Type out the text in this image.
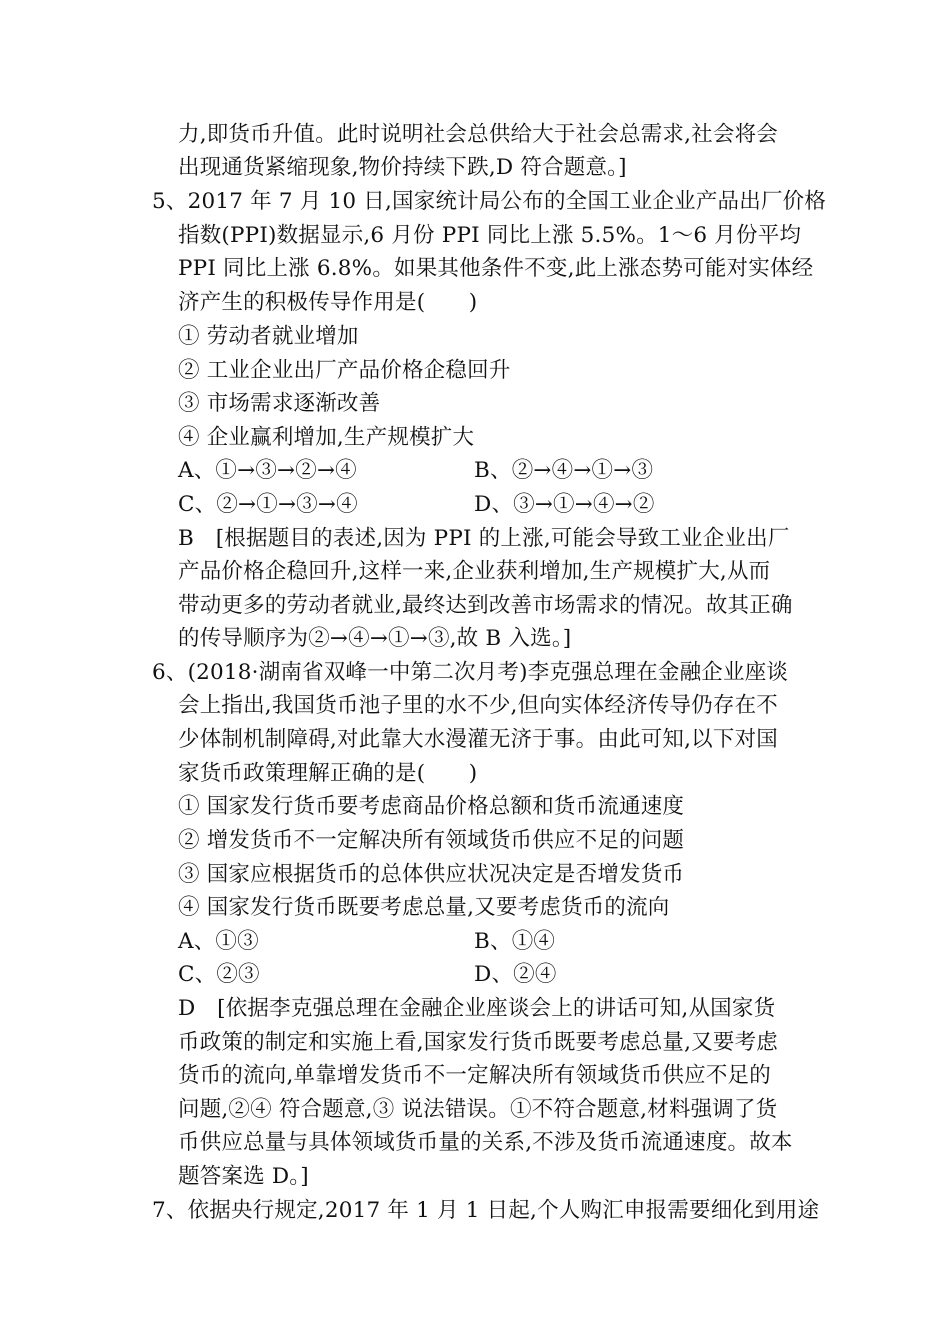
力,即货币升值。此时说明社会总供给大于社会总需求,社会将会
出现通货紧缩现象,物价持续下跌,D 符合题意。]
5、2017 年 7 月 10 日,国家统计局公布的全国工业企业产品出厂价格
指数(PPI)数据显示,6 月份 PPI 同比上涨 5.5%。1～6 月份平均
PPI 同比上涨 6.8%。如果其他条件不变,此上涨态势可能对实体经
济产生的积极传导作用是(　　)
① 劳动者就业增加
② 工业企业出厂产品价格企稳回升
③ 市场需求逐渐改善
④ 企业赢利增加,生产规模扩大
A、①→③→②→④	B、②→④→①→③
C、②→①→③→④	D、③→①→④→②
B　[根据题目的表述,因为 PPI 的上涨,可能会导致工业企业出厂
产品价格企稳回升,这样一来,企业获利增加,生产规模扩大,从而
带动更多的劳动者就业,最终达到改善市场需求的情况。故其正确
的传导顺序为②→④→①→③,故 B 入选。]
6、(2018·湖南省双峰一中第二次月考)李克强总理在金融企业座谈
会上指出,我国货币池子里的水不少,但向实体经济传导仍存在不
少体制机制障碍,对此靠大水漫灌无济于事。由此可知,以下对国
家货币政策理解正确的是(　　)
① 国家发行货币要考虑商品价格总额和货币流通速度
② 增发货币不一定解决所有领域货币供应不足的问题
③ 国家应根据货币的总体供应状况决定是否增发货币
④ 国家发行货币既要考虑总量,又要考虑货币的流向
A、①③	B、①④
C、②③	D、②④
D　[依据李克强总理在金融企业座谈会上的讲话可知,从国家货
币政策的制定和实施上看,国家发行货币既要考虑总量,又要考虑
货币的流向,单靠增发货币不一定解决所有领域货币供应不足的
问题,②④ 符合题意,③ 说法错误。①不符合题意,材料强调了货
币供应总量与具体领域货币量的关系,不涉及货币流通速度。故本
题答案选 D。]
7、依据央行规定,2017 年 1 月 1 日起,个人购汇申报需要细化到用途
